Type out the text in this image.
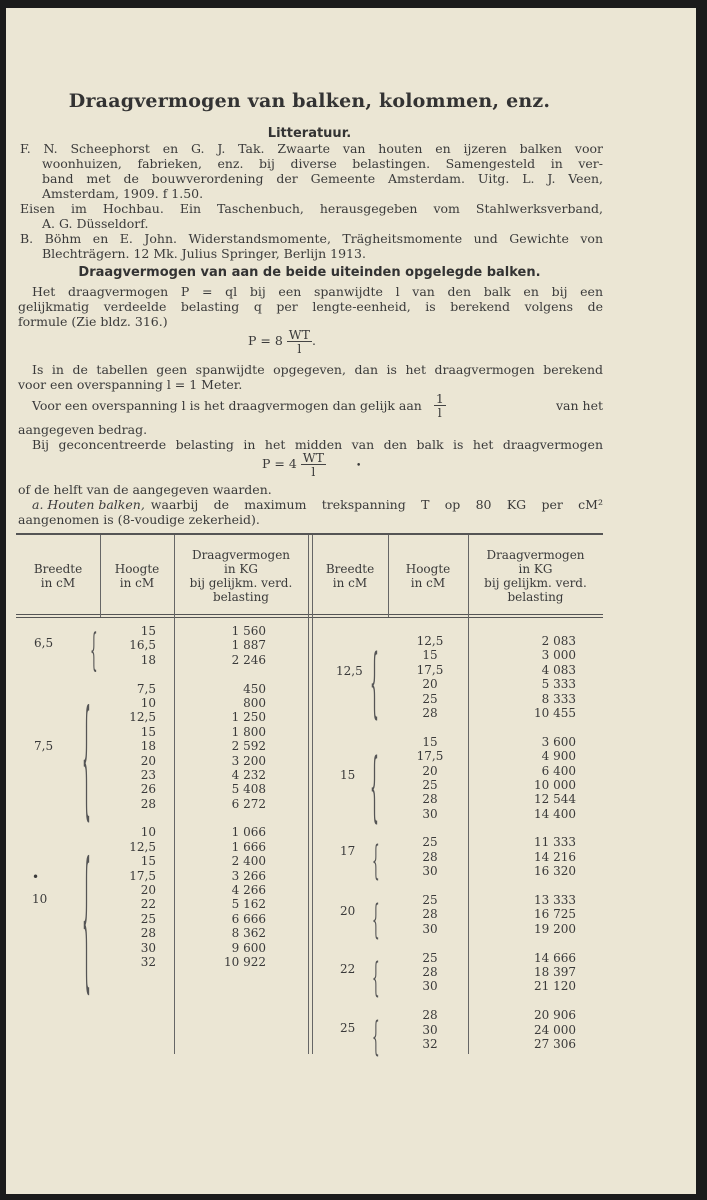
Draagvermogen van balken, kolommen, enz.
Litteratuur.
F. N. Scheephorst en G. J. Tak. Zwaarte van houten en ijzeren balken voor
woonhuizen, fabrieken, enz. bij diverse belastingen. Samengesteld in ver-
band met de bouwverordening der Gemeente Amsterdam. Uitg. L. J. Veen,
Amsterdam, 1909. f 1.50.
Eisen im Hochbau. Ein Taschenbuch, herausgegeben vom Stahlwerksverband,
A. G. Düsseldorf.
B. Böhm en E. John. Widerstandsmomente, Trägheitsmomente und Gewichte von
Blechträgern. 12 Mk. Julius Springer, Berlijn 1913.
Draagvermogen van aan de beide uiteinden opgelegde balken.
Het draagvermogen P = ql bij een spanwijdte l van den balk en bij een
gelijkmatig verdeelde belasting q per lengte-eenheid, is berekend volgens de
formule (Zie bldz. 316.)
$P = 8 \frac{WT}{l}$ .
Is in de tabellen geen spanwijdte opgegeven, dan is het draagvermogen berekend
voor een overspanning l = 1 Meter.
Voor een overspanning l is het draagvermogen dan gelijk aan $\frac{1}{l}$	van het
aangegeven bedrag.
Bij geconcentreerde belasting in het midden van den balk is het draagvermogen
$P = 4 \frac{WT}{l}$	•
of de helft van de aangegeven waarden.
a.
Houten balken, waarbij de maximum trekspanning T op 80 KG per cM²
aangenomen is (8-voudige zekerheid).
Breedte
in cM
Hoogte
in cM
Draagvermogen
in KG
bij gelijkm. verd.
belasting
Breedte
in cM
Hoogte
in cM
Draagvermogen
in KG
bij gelijkm. verd.
belasting
6,5
7,5
•
10
{
{
{
15
16,5
18
7,5
10
12,5
15
18
20
23
26
28
10
12,5
15
17,5
20
22
25
28
30
32
1 560
1 887
2 246
450
800
1 250
1 800
2 592
3 200
4 232
5 408
6 272
1 066
1 666
2 400
3 266
4 266
5 162
6 666
8 362
9 600
10 922
12,5
15
17
20
22
25
{
{
{
{
{
{
12,5
15
17,5
20
25
28
15
17,5
20
25
28
30
25
28
30
25
28
30
25
28
30
28
30
32
2 083
3 000
4 083
5 333
8 333
10 455
3 600
4 900
6 400
10 000
12 544
14 400
11 333
14 216
16 320
13 333
16 725
19 200
14 666
18 397
21 120
20 906
24 000
27 306
